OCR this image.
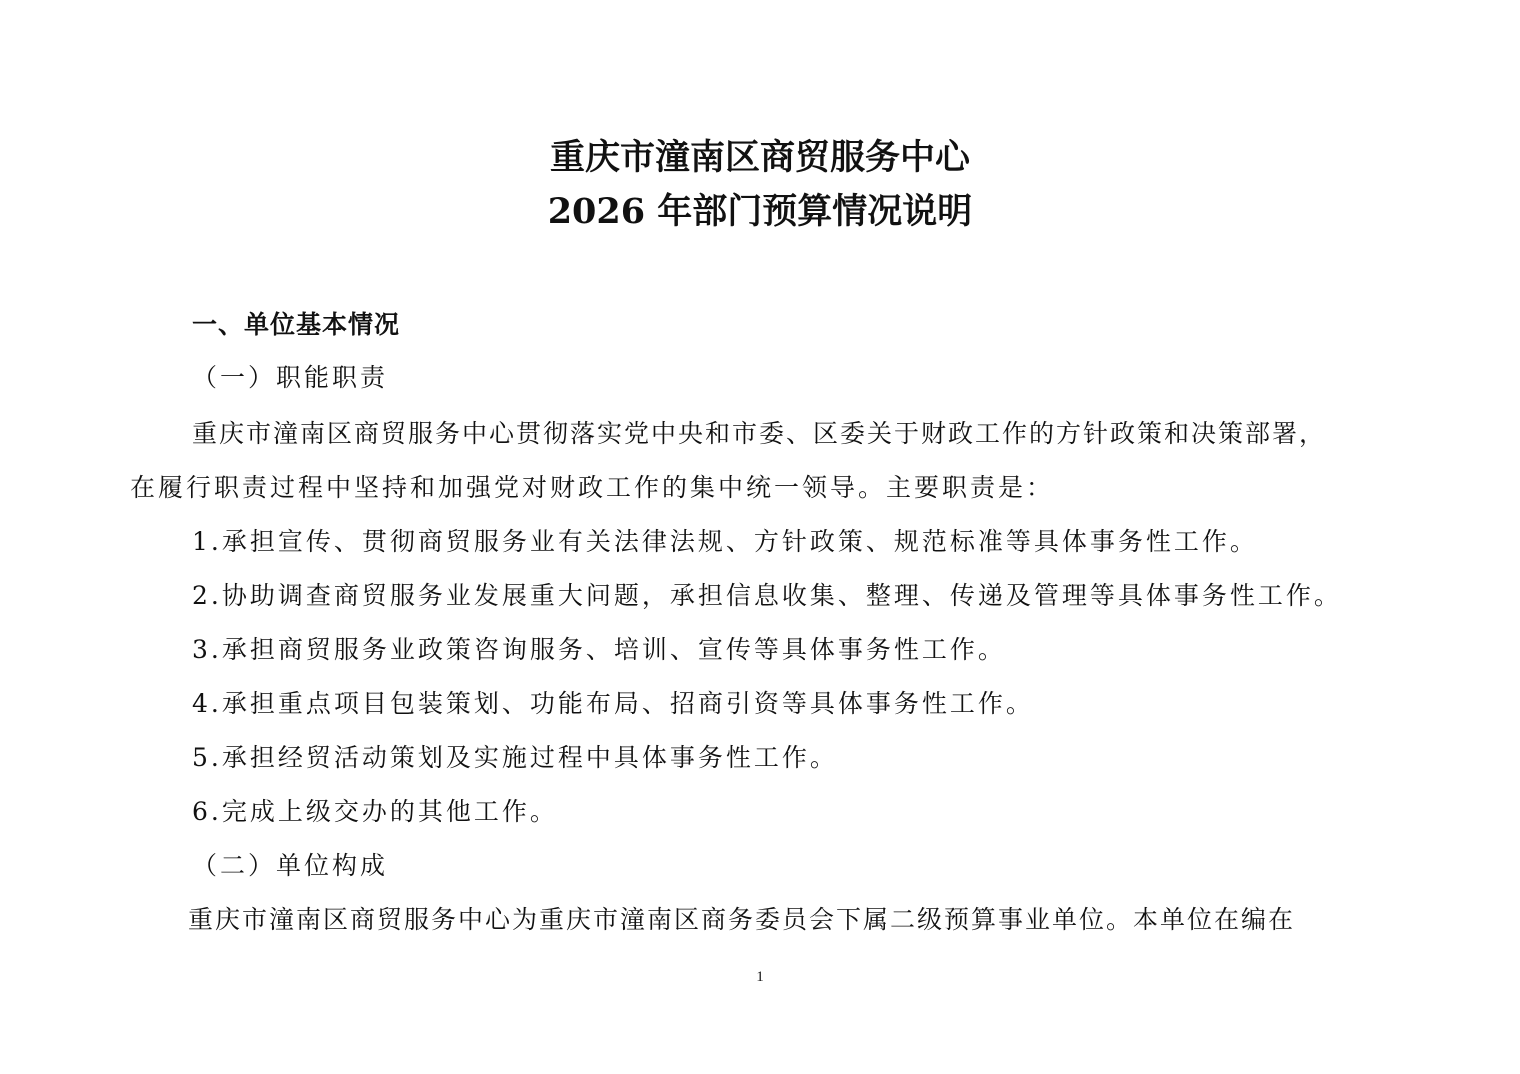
重庆市潼南区商贸服务中心
2026 年部门预算情况说明

一、单位基本情况

（一）职能职责

重庆市潼南区商贸服务中心贯彻落实党中央和市委、区委关于财政工作的方针政策和决策部署，

在履行职责过程中坚持和加强党对财政工作的集中统一领导。主要职责是：

1.承担宣传、贯彻商贸服务业有关法律法规、方针政策、规范标准等具体事务性工作。

2.协助调查商贸服务业发展重大问题，承担信息收集、整理、传递及管理等具体事务性工作。

3.承担商贸服务业政策咨询服务、培训、宣传等具体事务性工作。

4.承担重点项目包装策划、功能布局、招商引资等具体事务性工作。

5.承担经贸活动策划及实施过程中具体事务性工作。

6.完成上级交办的其他工作。

（二）单位构成

重庆市潼南区商贸服务中心为重庆市潼南区商务委员会下属二级预算事业单位。本单位在编在

1
